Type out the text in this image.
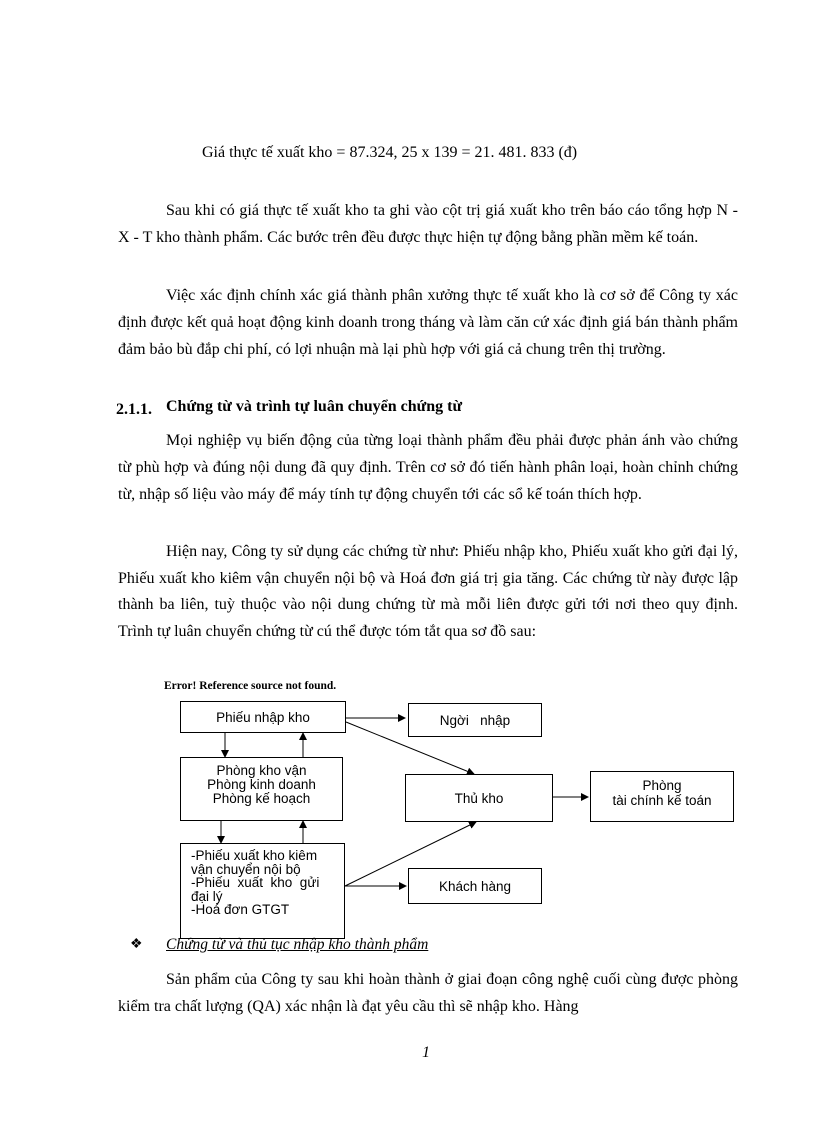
Giá thực tế xuất kho = 87.324, 25 x 139 = 21. 481. 833 (đ)
Sau khi có giá thực tế xuất kho ta ghi vào cột trị giá xuất kho trên báo cáo tổng hợp N - X - T kho thành phẩm. Các bước trên đều được thực hiện tự động bằng phần mềm kế toán.
Việc xác định chính xác giá thành phân xưởng thực tế xuất kho là cơ sở để Công ty xác định được kết quả hoạt động kinh doanh trong tháng và làm căn cứ xác định giá bán thành phẩm đảm bảo bù đắp chi phí, có lợi nhuận mà lại phù hợp với giá cả chung trên thị trường.
2.1.1. Chứng từ và trình tự luân chuyển chứng từ
Mọi nghiệp vụ biến động của từng loại thành phẩm đều phải được phản ánh vào chứng từ phù hợp và đúng nội dung đã quy định. Trên cơ sở đó tiến hành phân loại, hoàn chỉnh chứng từ, nhập số liệu vào máy để máy tính tự động chuyển tới các sổ kế toán thích hợp.
Hiện nay, Công ty sử dụng các chứng từ như: Phiếu nhập kho, Phiếu xuất kho gửi đại lý, Phiếu xuất kho kiêm vận chuyển nội bộ và Hoá đơn giá trị gia tăng. Các chứng từ này được lập thành ba liên, tuỳ thuộc vào nội dung chứng từ mà mỗi liên được gửi tới nơi theo quy định. Trình tự luân chuyển chứng từ cú thể được tóm tắt qua sơ đồ sau:
Error! Reference source not found.
Phiếu nhập kho	Ngời   nhập
Phòng kho vận
Phòng kinh doanh
Phòng kế hoạch	Thủ kho
Phòng
tài chính kế toán
-Phiếu xuất kho kiêm
vận chuyển nội bộ
-Phiếu  xuất  kho  gửi
đại lý
-Hoá đơn GTGT
Khách hàng
❖ Chứng từ và thủ tục nhập kho thành phẩm
Sản phẩm của Công ty sau khi hoàn thành ở giai đoạn công nghệ cuối cùng được phòng kiểm tra chất lượng (QA) xác nhận là đạt yêu cầu thì sẽ nhập kho. Hàng
1
